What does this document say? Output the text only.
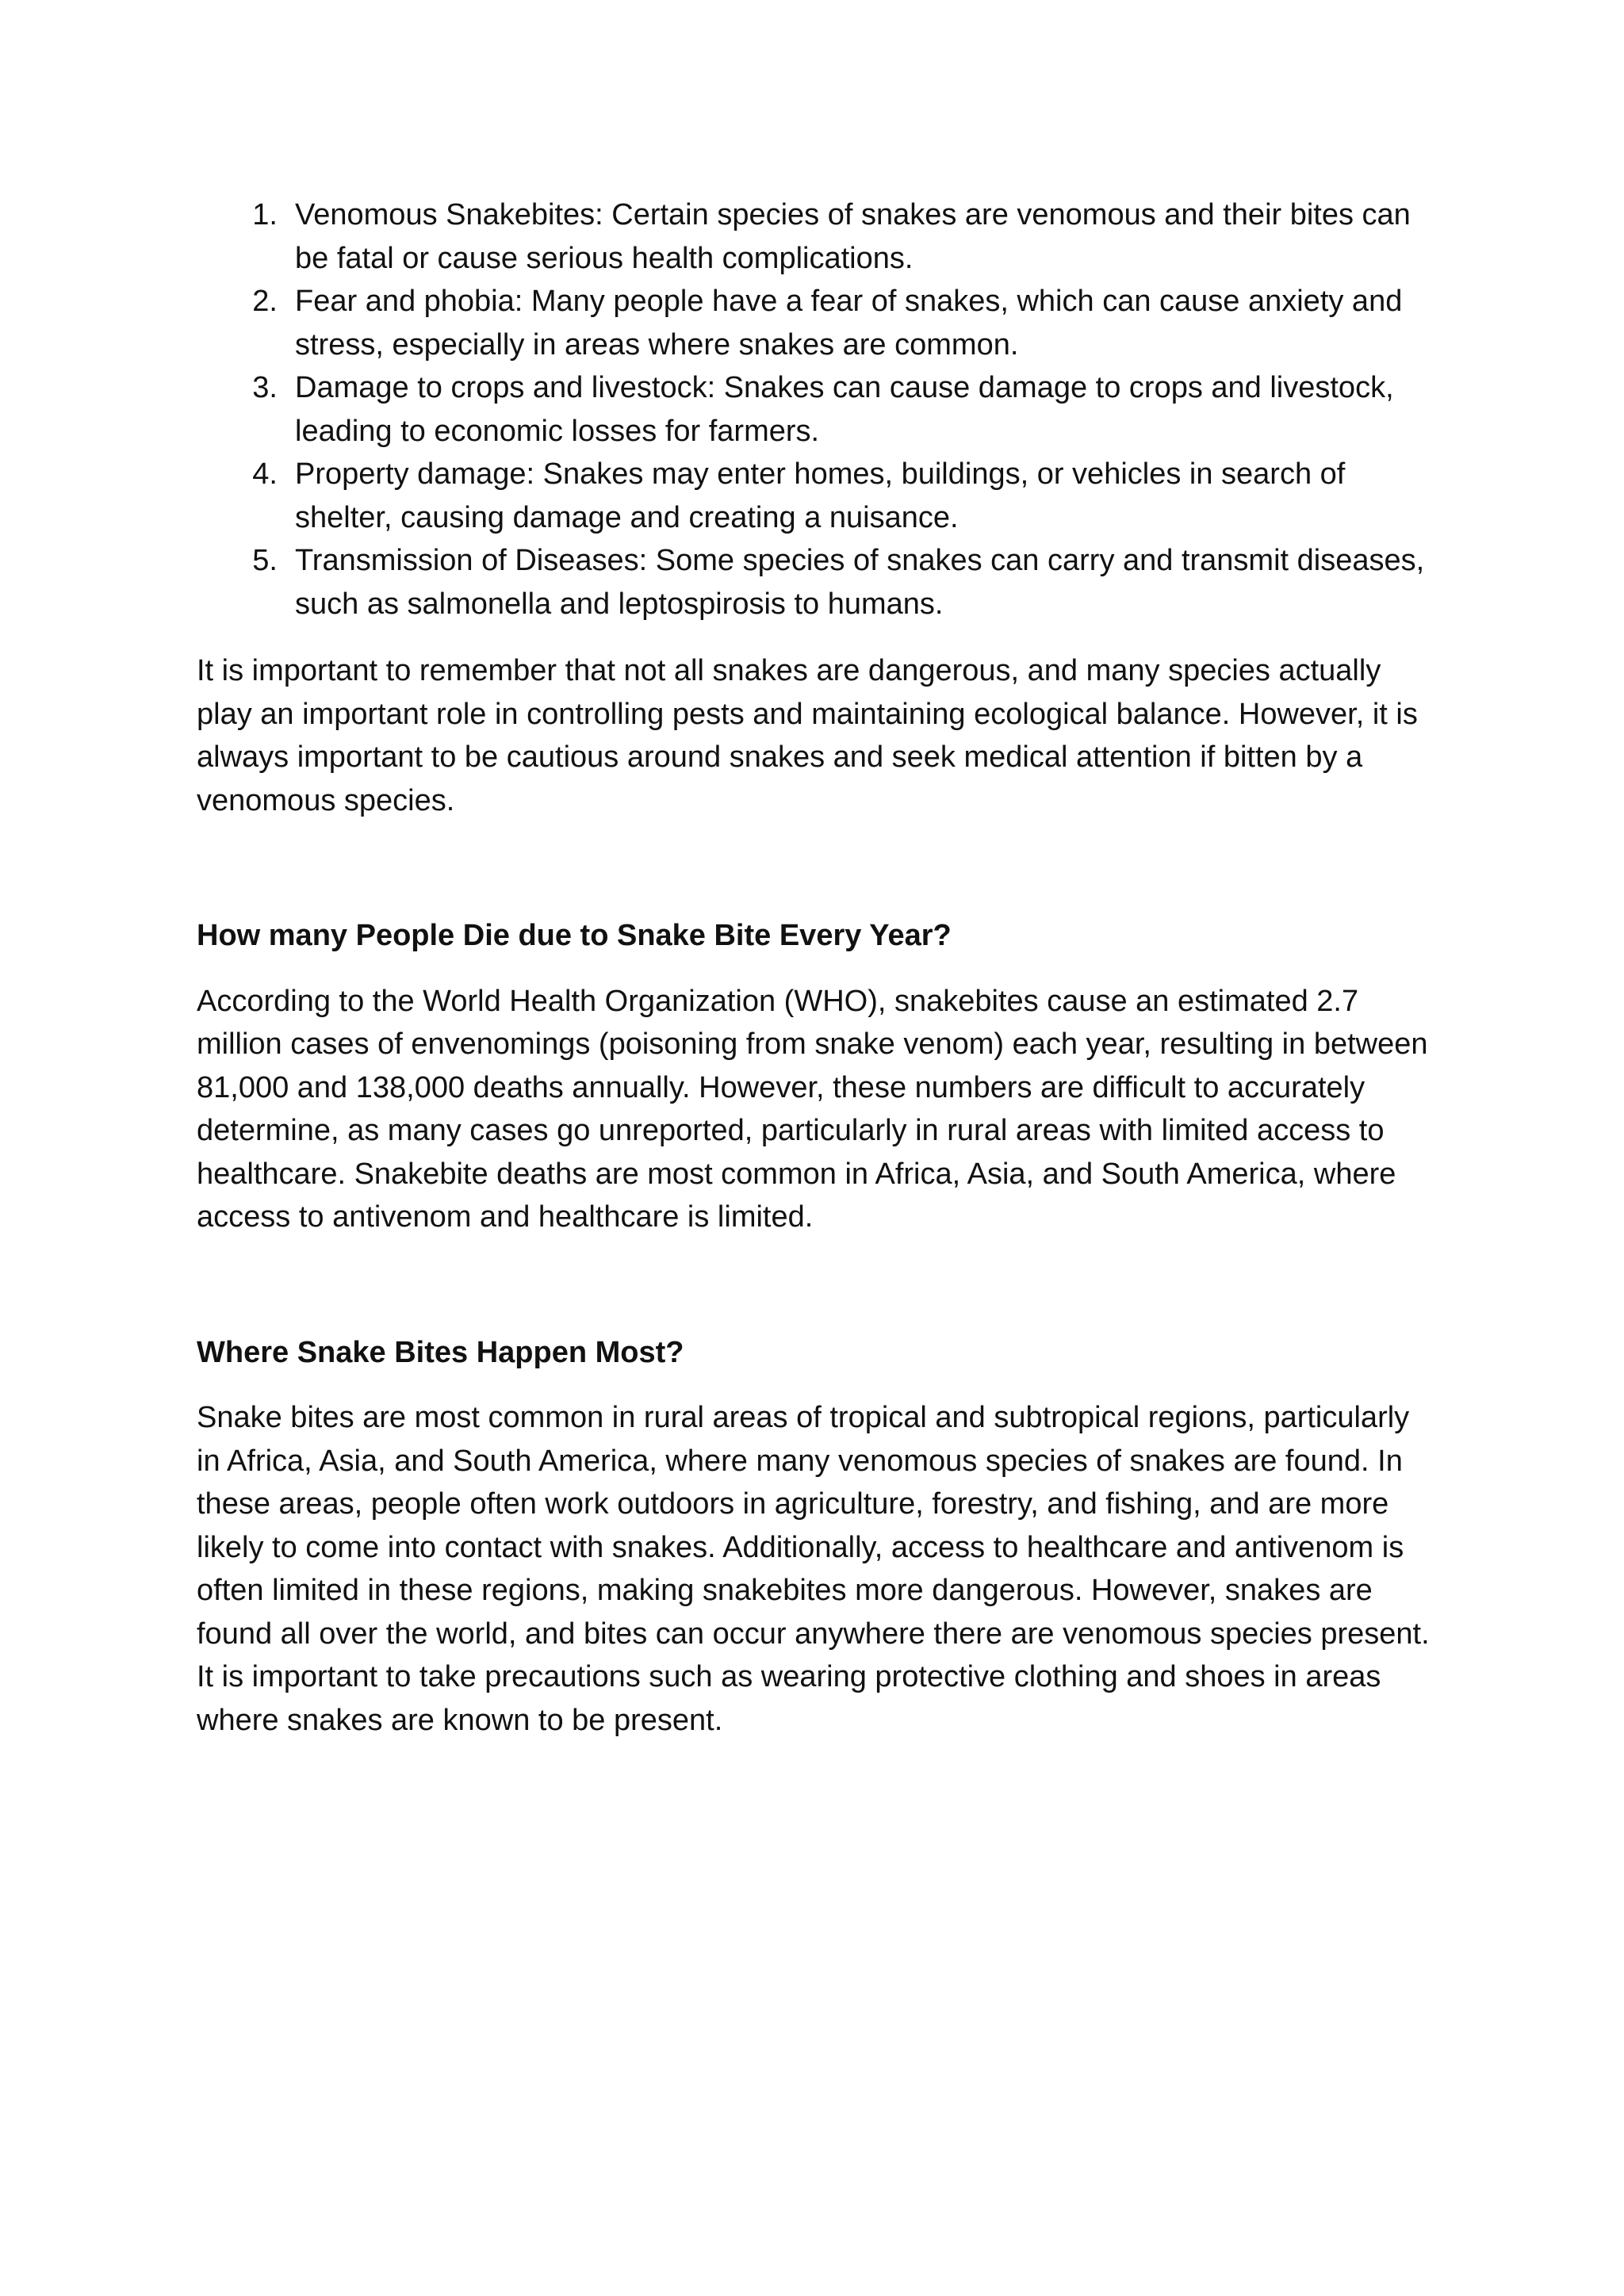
1. Venomous Snakebites: Certain species of snakes are venomous and their bites can be fatal or cause serious health complications.
2. Fear and phobia: Many people have a fear of snakes, which can cause anxiety and stress, especially in areas where snakes are common.
3. Damage to crops and livestock: Snakes can cause damage to crops and livestock, leading to economic losses for farmers.
4. Property damage: Snakes may enter homes, buildings, or vehicles in search of shelter, causing damage and creating a nuisance.
5. Transmission of Diseases: Some species of snakes can carry and transmit diseases, such as salmonella and leptospirosis to humans.

It is important to remember that not all snakes are dangerous, and many species actually play an important role in controlling pests and maintaining ecological balance. However, it is always important to be cautious around snakes and seek medical attention if bitten by a venomous species.

How many People Die due to Snake Bite Every Year?

According to the World Health Organization (WHO), snakebites cause an estimated 2.7 million cases of envenomings (poisoning from snake venom) each year, resulting in between 81,000 and 138,000 deaths annually. However, these numbers are difficult to accurately determine, as many cases go unreported, particularly in rural areas with limited access to healthcare. Snakebite deaths are most common in Africa, Asia, and South America, where access to antivenom and healthcare is limited.

Where Snake Bites Happen Most?

Snake bites are most common in rural areas of tropical and subtropical regions, particularly in Africa, Asia, and South America, where many venomous species of snakes are found. In these areas, people often work outdoors in agriculture, forestry, and fishing, and are more likely to come into contact with snakes. Additionally, access to healthcare and antivenom is often limited in these regions, making snakebites more dangerous. However, snakes are found all over the world, and bites can occur anywhere there are venomous species present. It is important to take precautions such as wearing protective clothing and shoes in areas where snakes are known to be present.
